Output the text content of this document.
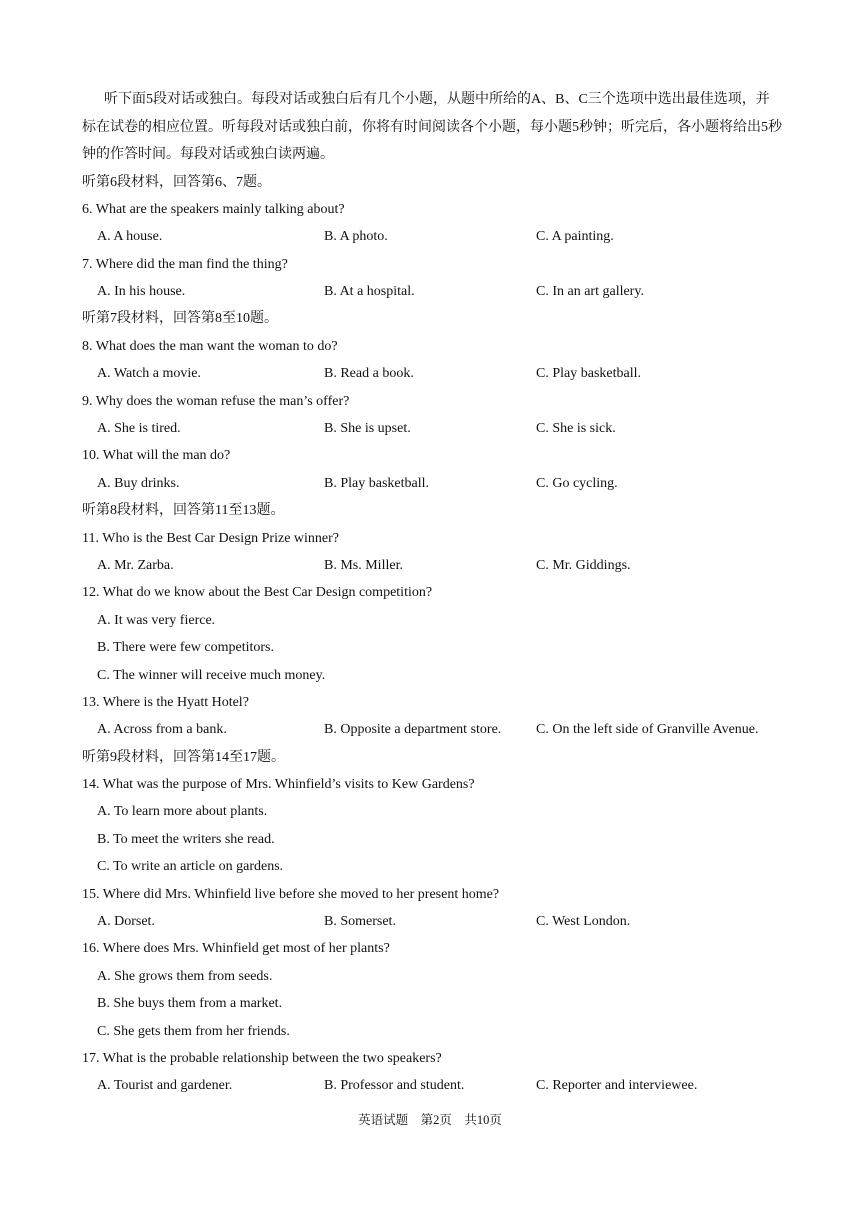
听下面5段对话或独白。每段对话或独白后有几个小题，从题中所给的A、B、C三个选项中选出最佳选项，并标在试卷的相应位置。听每段对话或独白前，你将有时间阅读各个小题，每小题5秒钟；听完后，各小题将给出5秒钟的作答时间。每段对话或独白读两遍。

听第6段材料，回答第6、7题。
6. What are the speakers mainly talking about?
A. A house.	B. A photo.	C. A painting.
7. Where did the man find the thing?
A. In his house.	B. At a hospital.	C. In an art gallery.
听第7段材料，回答第8至10题。
8. What does the man want the woman to do?
A. Watch a movie.	B. Read a book.	C. Play basketball.
9. Why does the woman refuse the man’s offer?
A. She is tired.	B. She is upset.	C. She is sick.
10. What will the man do?
A. Buy drinks.	B. Play basketball.	C. Go cycling.
听第8段材料，回答第11至13题。
11. Who is the Best Car Design Prize winner?
A. Mr. Zarba.	B. Ms. Miller.	C. Mr. Giddings.
12. What do we know about the Best Car Design competition?
A. It was very fierce.
B. There were few competitors.
C. The winner will receive much money.
13. Where is the Hyatt Hotel?
A. Across from a bank.	B. Opposite a department store. C. On the left side of Granville Avenue.
听第9段材料，回答第14至17题。
14. What was the purpose of Mrs. Whinfield’s visits to Kew Gardens?
A. To learn more about plants.
B. To meet the writers she read.
C. To write an article on gardens.
15. Where did Mrs. Whinfield live before she moved to her present home?
A. Dorset.	B. Somerset.	C. West London.
16. Where does Mrs. Whinfield get most of her plants?
A. She grows them from seeds.
B. She buys them from a market.
C. She gets them from her friends.
17. What is the probable relationship between the two speakers?
A. Tourist and gardener.	B. Professor and student.	C. Reporter and interviewee.
英语试题    第2页    共10页
